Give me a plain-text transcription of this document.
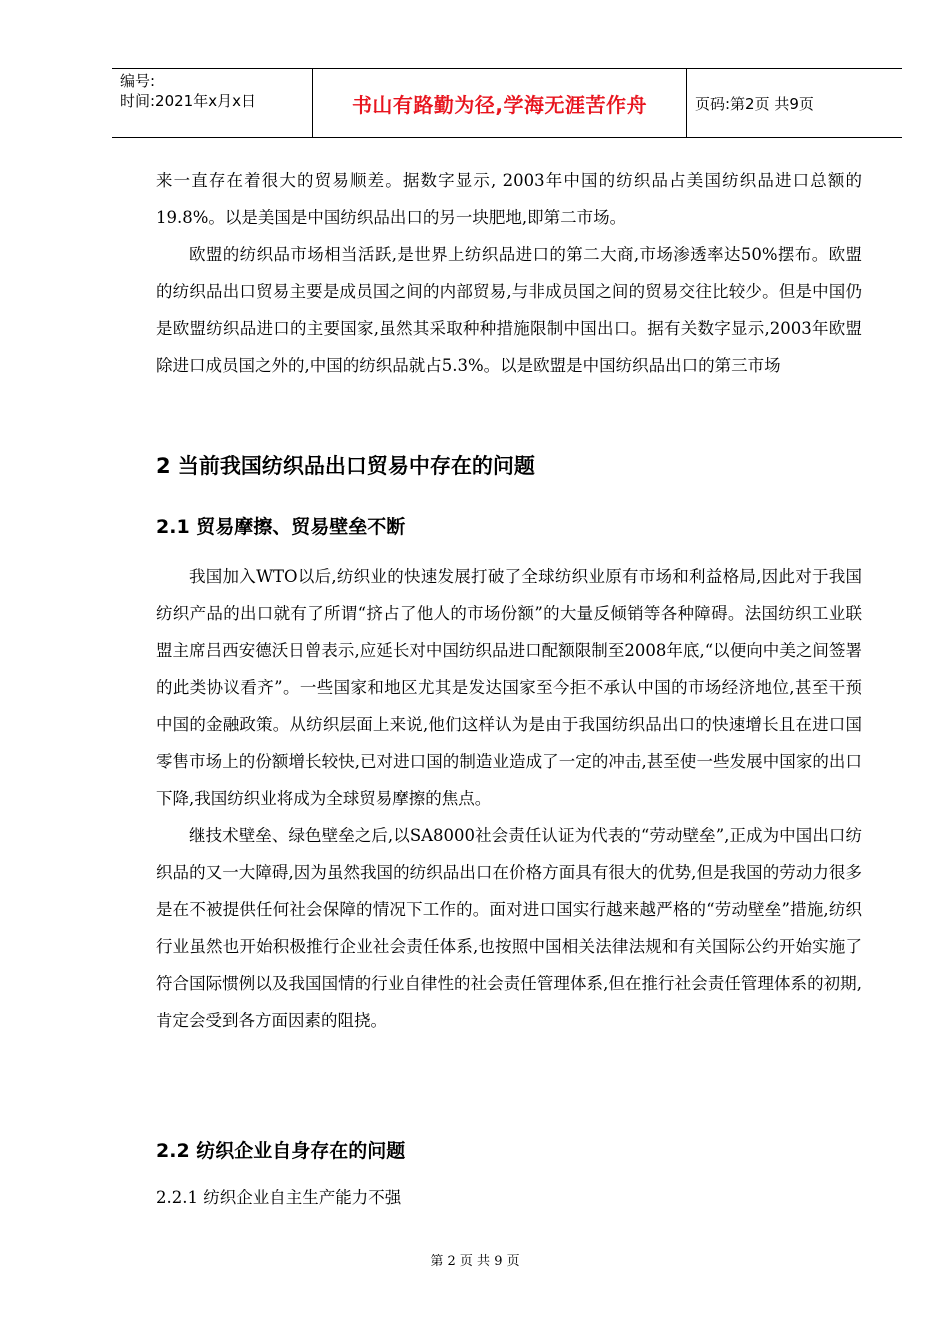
编号:
时间:2021年x月x日	书山有路勤为径,学海无涯苦作舟	页码:第2页 共9页

来一直存在着很大的贸易顺差。据数字显示, 2003年中国的纺织品占美国纺织品进口总额的19.8%。以是美国是中国纺织品出口的另一块肥地,即第二市场。

欧盟的纺织品市场相当活跃,是世界上纺织品进口的第二大商,市场渗透率达50%摆布。欧盟的纺织品出口贸易主要是成员国之间的内部贸易,与非成员国之间的贸易交往比较少。但是中国仍是欧盟纺织品进口的主要国家,虽然其采取种种措施限制中国出口。据有关数字显示,2003年欧盟除进口成员国之外的,中国的纺织品就占5.3%。以是欧盟是中国纺织品出口的第三市场

2 当前我国纺织品出口贸易中存在的问题
2.1 贸易摩擦、贸易壁垒不断

我国加入WTO以后,纺织业的快速发展打破了全球纺织业原有市场和利益格局,因此对于我国纺织产品的出口就有了所谓“挤占了他人的市场份额”的大量反倾销等各种障碍。法国纺织工业联盟主席吕西安德沃日曾表示,应延长对中国纺织品进口配额限制至2008年底,“以便向中美之间签署的此类协议看齐”。一些国家和地区尤其是发达国家至今拒不承认中国的市场经济地位,甚至干预中国的金融政策。从纺织层面上来说,他们这样认为是由于我国纺织品出口的快速增长且在进口国零售市场上的份额增长较快,已对进口国的制造业造成了一定的冲击,甚至使一些发展中国家的出口下降,我国纺织业将成为全球贸易摩擦的焦点。

继技术壁垒、绿色壁垒之后,以SA8000社会责任认证为代表的“劳动壁垒”,正成为中国出口纺织品的又一大障碍,因为虽然我国的纺织品出口在价格方面具有很大的优势,但是我国的劳动力很多是在不被提供任何社会保障的情况下工作的。面对进口国实行越来越严格的“劳动壁垒”措施,纺织行业虽然也开始积极推行企业社会责任体系,也按照中国相关法律法规和有关国际公约开始实施了符合国际惯例以及我国国情的行业自律性的社会责任管理体系,但在推行社会责任管理体系的初期,肯定会受到各方面因素的阻挠。

2.2 纺织企业自身存在的问题
2.2.1 纺织企业自主生产能力不强
第 2 页 共 9 页
